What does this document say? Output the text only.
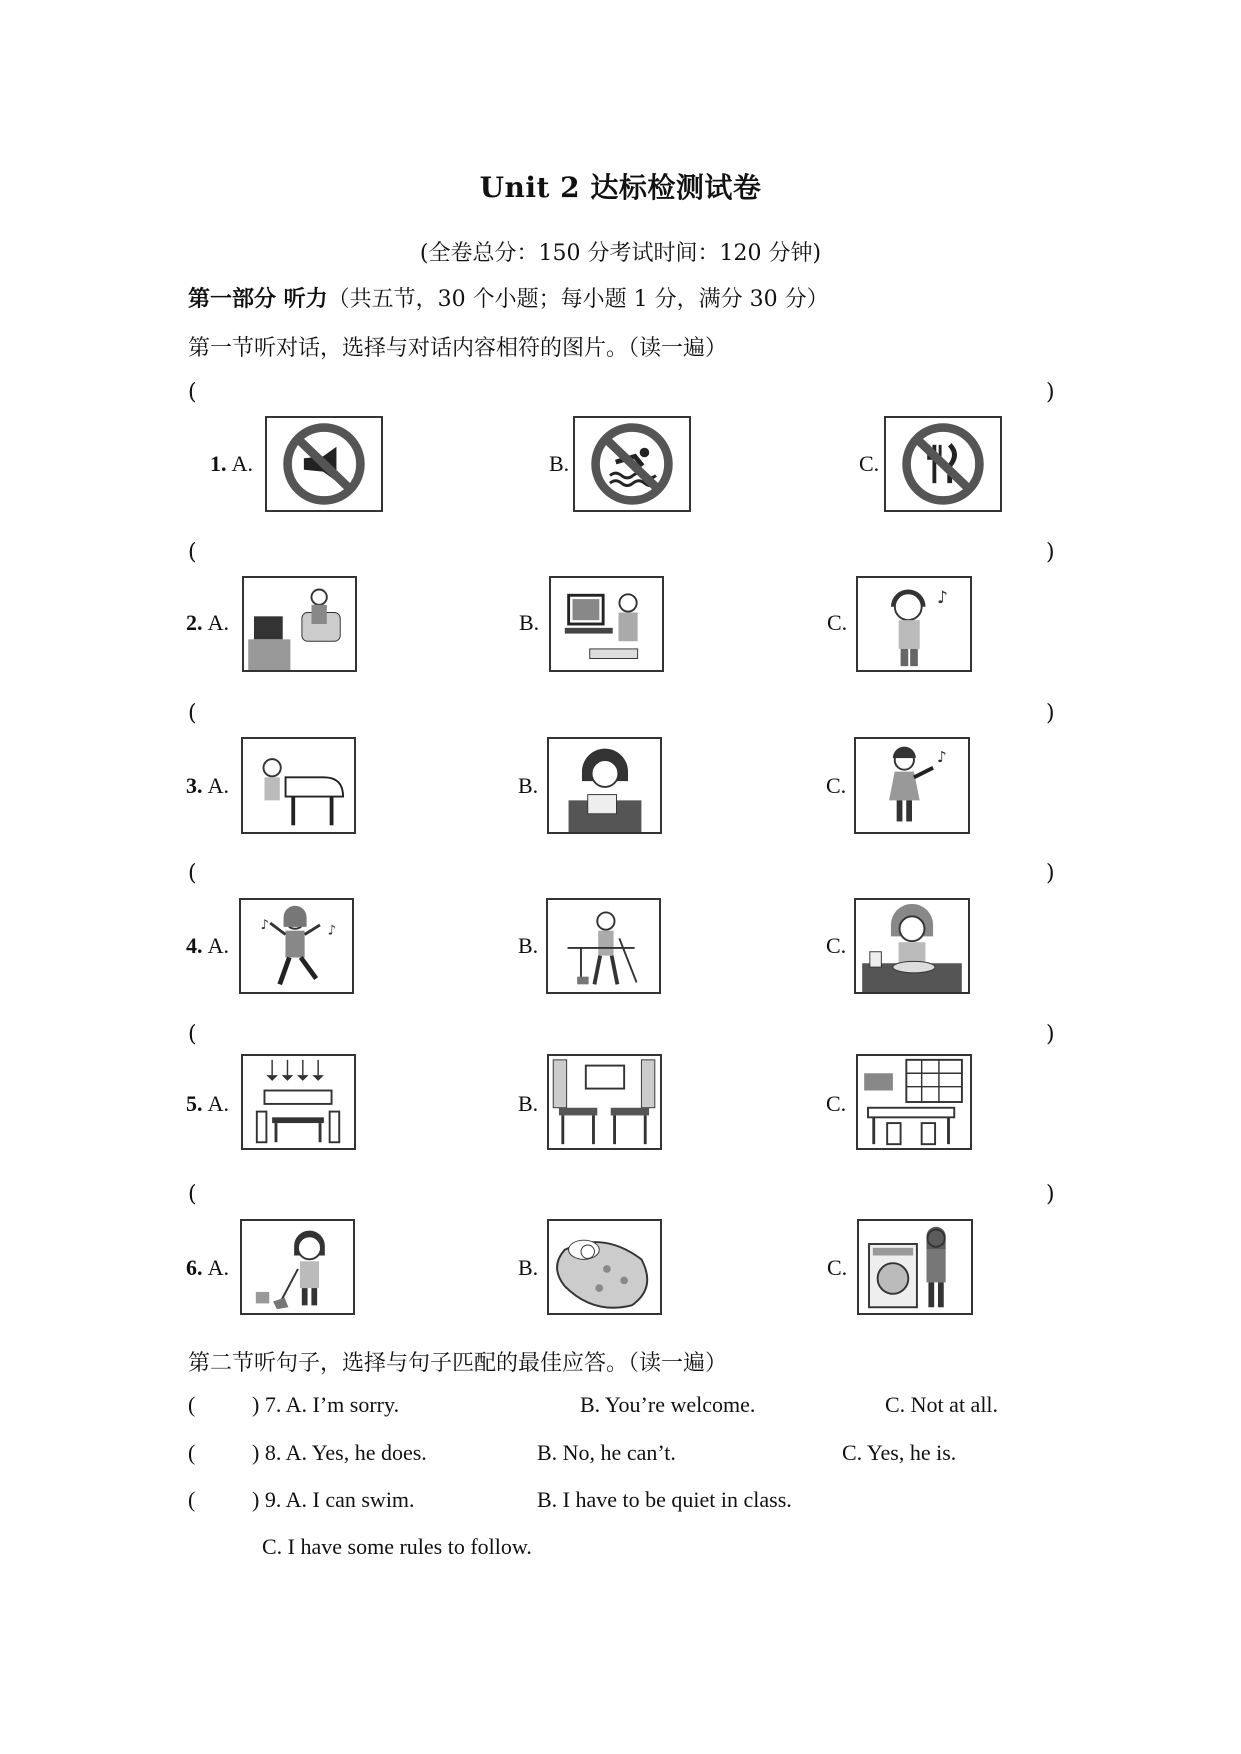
Unit 2 达标检测试卷
(全卷总分：150 分考试时间：120 分钟)
第一部分 听力（共五节，30 个小题；每小题 1 分，满分 30 分）
第一节听对话，选择与对话内容相符的图片。（读一遍）
(	)
1. A.	B.	C.
(	)
2. A.	B.	C.
♪
(	)
3. A.	B.	C.
♪
(	)
4. A.
♪	♪
B.	C.
(	)
5. A.	B.	C.
(	)
6. A.	B.	C.
第二节听句子，选择与句子匹配的最佳应答。（读一遍）
(	) 7. A. I’m sorry.	B. You’re welcome.	C. Not at all.
(	) 8. A. Yes, he does.	B. No, he can’t.	C. Yes, he is.
(	) 9. A. I can swim.	B. I have to be quiet in class.
C. I have some rules to follow.
